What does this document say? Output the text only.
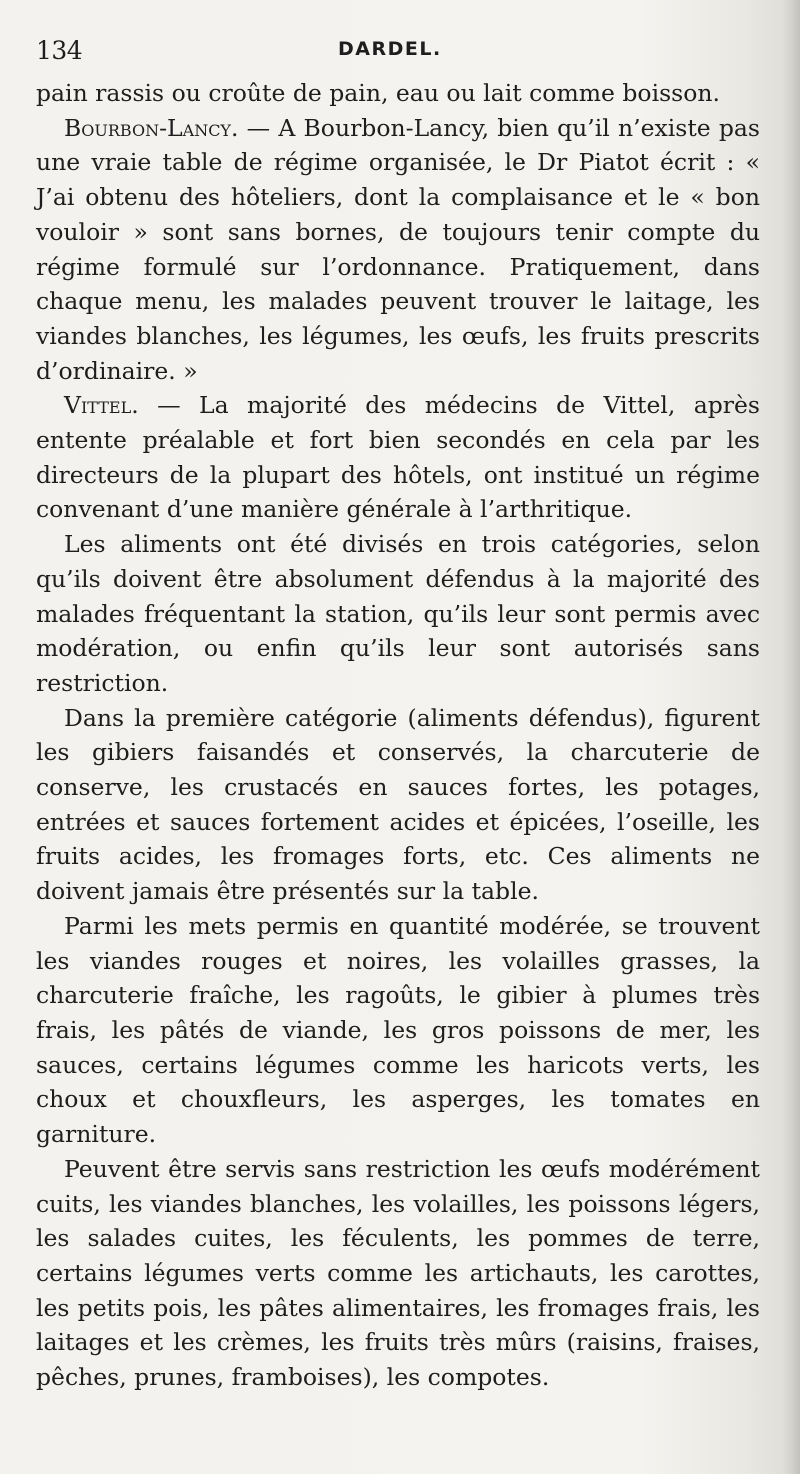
134	DARDEL.

pain rassis ou croûte de pain, eau ou lait comme boisson.

Bourbon-Lancy. — A Bourbon-Lancy, bien qu’il n’existe pas une vraie table de régime organisée, le Dr Piatot écrit : « J’ai obtenu des hôteliers, dont la complaisance et le « bon vouloir » sont sans bornes, de toujours tenir compte du régime formulé sur l’ordonnance. Pratiquement, dans chaque menu, les malades peuvent trouver le laitage, les viandes blanches, les légumes, les œufs, les fruits prescrits d’ordinaire. »

Vittel. — La majorité des médecins de Vittel, après entente préalable et fort bien secondés en cela par les directeurs de la plupart des hôtels, ont institué un régime convenant d’une manière générale à l’arthritique.

Les aliments ont été divisés en trois catégories, selon qu’ils doivent être absolument défendus à la majorité des malades fréquentant la station, qu’ils leur sont permis avec modération, ou enfin qu’ils leur sont autorisés sans restriction.

Dans la première catégorie (aliments défendus), figurent les gibiers faisandés et conservés, la charcuterie de conserve, les crustacés en sauces fortes, les potages, entrées et sauces fortement acides et épicées, l’oseille, les fruits acides, les fromages forts, etc. Ces aliments ne doivent jamais être présentés sur la table.

Parmi les mets permis en quantité modérée, se trouvent les viandes rouges et noires, les volailles grasses, la charcuterie fraîche, les ragoûts, le gibier à plumes très frais, les pâtés de viande, les gros poissons de mer, les sauces, certains légumes comme les haricots verts, les choux et chouxfleurs, les asperges, les tomates en garniture.

Peuvent être servis sans restriction les œufs modérément cuits, les viandes blanches, les volailles, les poissons légers, les salades cuites, les féculents, les pommes de terre, certains légumes verts comme les artichauts, les carottes, les petits pois, les pâtes alimentaires, les fromages frais, les laitages et les crèmes, les fruits très mûrs (raisins, fraises, pêches, prunes, framboises), les compotes.
